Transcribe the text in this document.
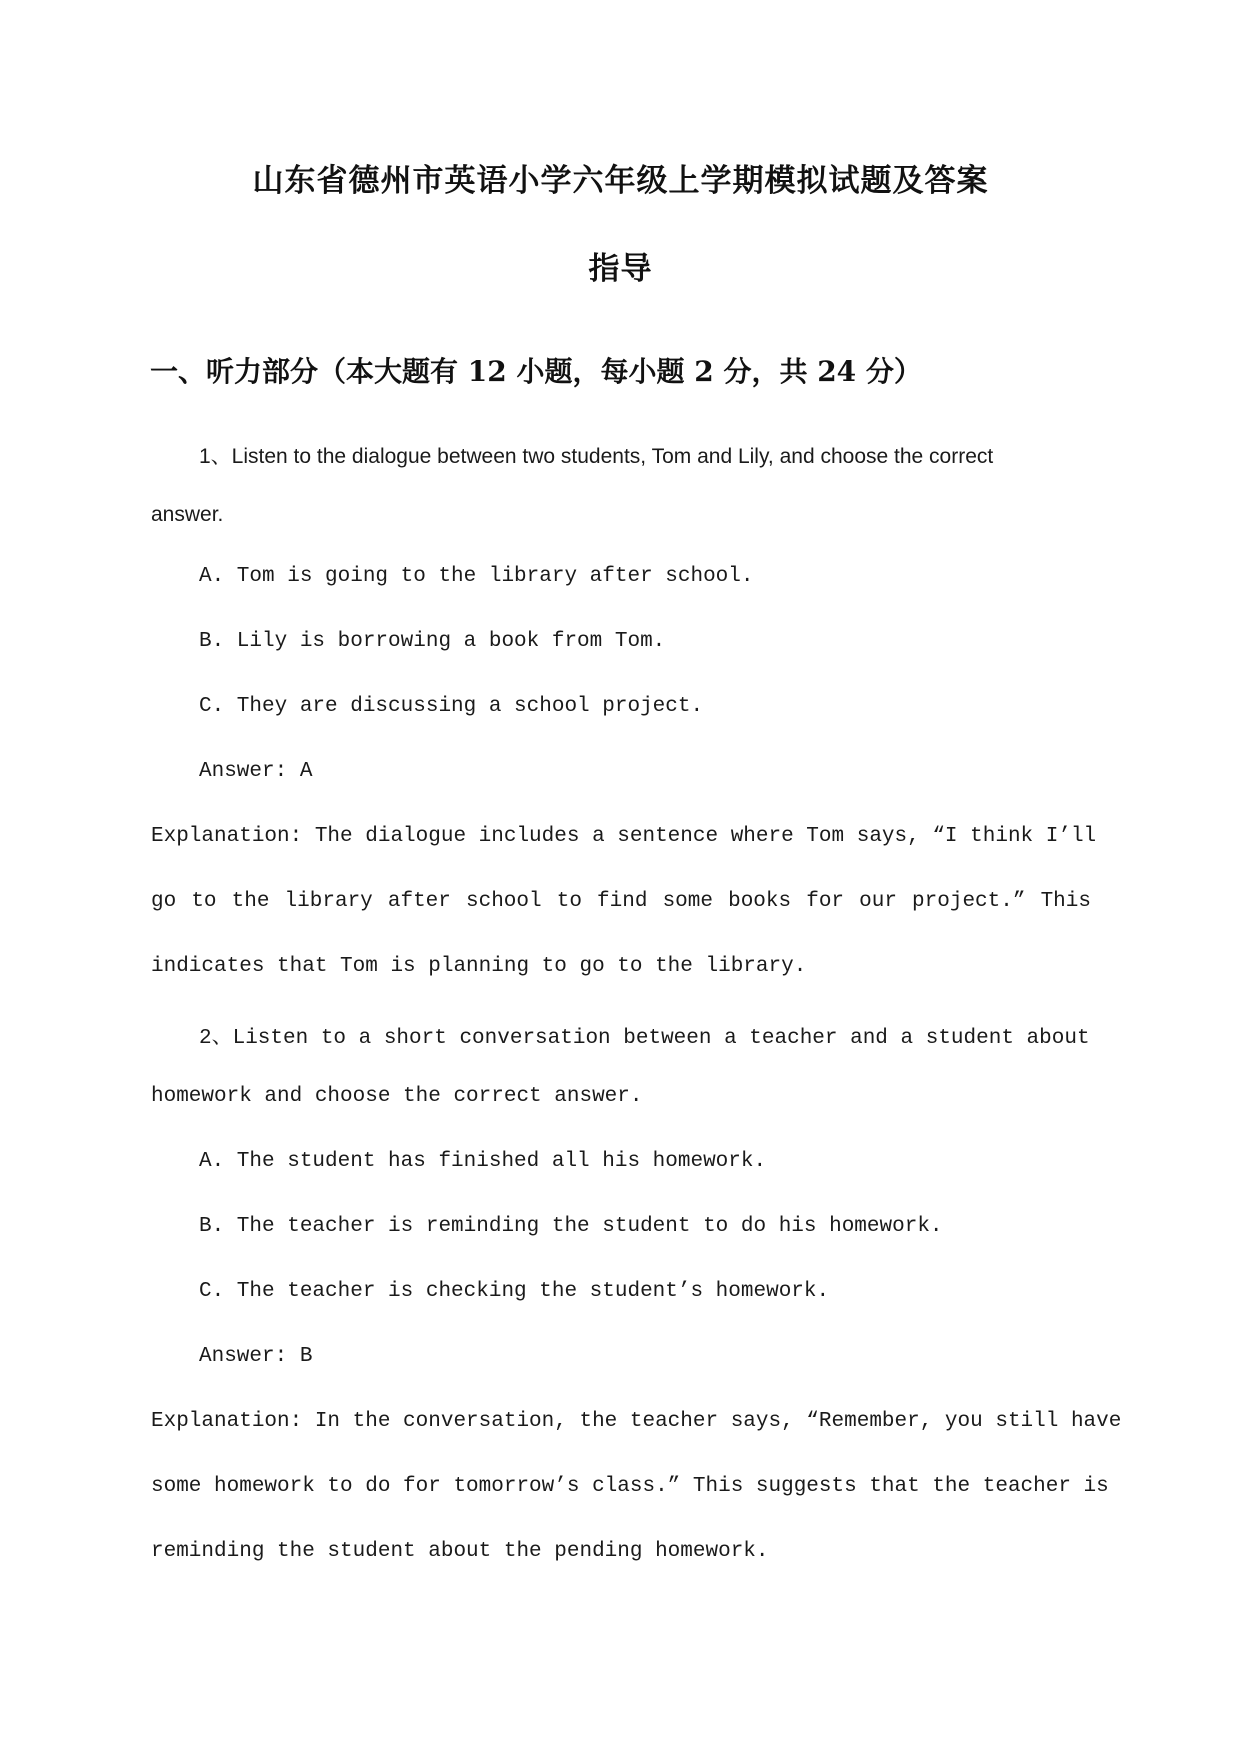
山东省德州市英语小学六年级上学期模拟试题及答案
指导
一、听力部分（本大题有 12 小题，每小题 2 分，共 24 分）

1、Listen to the dialogue between two students, Tom and Lily, and choose the correct

answer.

A. Tom is going to the library after school.

B. Lily is borrowing a book from Tom.

C. They are discussing a school project.

Answer: A

Explanation: The dialogue includes a sentence where Tom says, “I think I’ll

go to the library after school to find some books for our project.” This

indicates that Tom is planning to go to the library.

2、Listen to a short conversation between a teacher and a student about

homework and choose the correct answer.

A. The student has finished all his homework.

B. The teacher is reminding the student to do his homework.

C. The teacher is checking the student’s homework.

Answer: B

Explanation: In the conversation, the teacher says, “Remember, you still have

some homework to do for tomorrow’s class.” This suggests that the teacher is

reminding the student about the pending homework.
